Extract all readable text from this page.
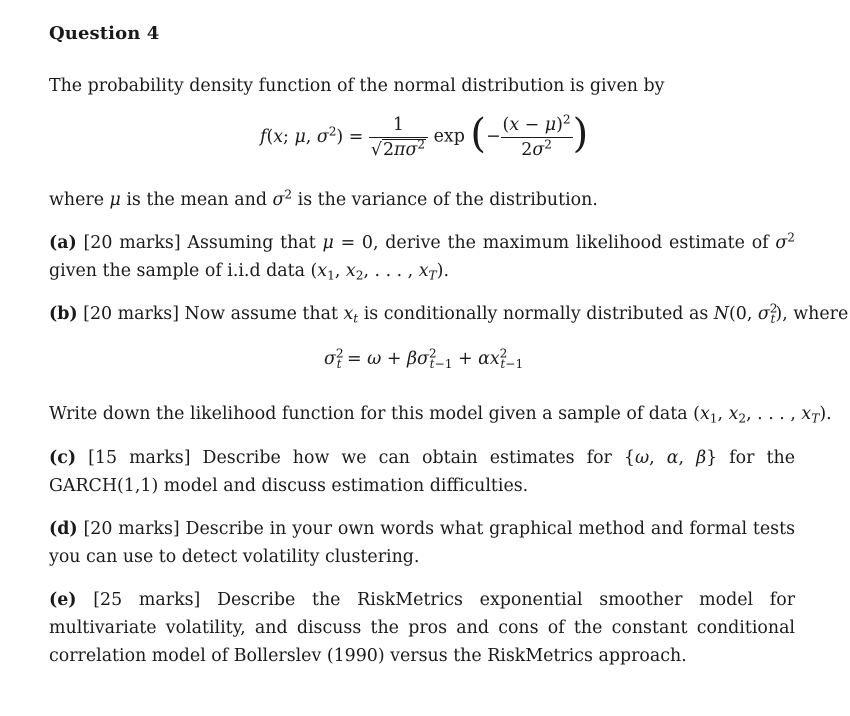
Question 4
The probability density function of the normal distribution is given by
f(x; μ, $\sigma^2) = \frac{1}{√2\pi\sigma^2}$ exp (− $\frac{(x - \mu)^2}{2\sigma^2}$ )
where μ is the mean and $\sigma^2$ is the variance of the distribution.
(a) [20 marks] Assuming that μ = 0, derive the maximum likelihood estimate of $\sigma^2$ given the sample of i.i.d data ($x_1$, $x_2$, . . . , $x_T$).
(b) [20 marks] Now assume that $x_t$ is conditionally normally distributed as N(0, $\sigma^2_t$), where
$\sigma^2_t = \omega + \beta\sigma^2_{t-1} + \alpha x^2_{t-1}$
Write down the likelihood function for this model given a sample of data ($x_1$, $x_2$, . . . , $x_T$).
(c) [15 marks] Describe how we can obtain estimates for {ω, α, β} for the GARCH(1,1) model and discuss estimation difficulties.
(d) [20 marks] Describe in your own words what graphical method and formal tests you can use to detect volatility clustering.
(e) [25 marks] Describe the RiskMetrics exponential smoother model for multivariate volatility, and discuss the pros and cons of the constant conditional correlation model of Bollerslev (1990) versus the RiskMetrics approach.
